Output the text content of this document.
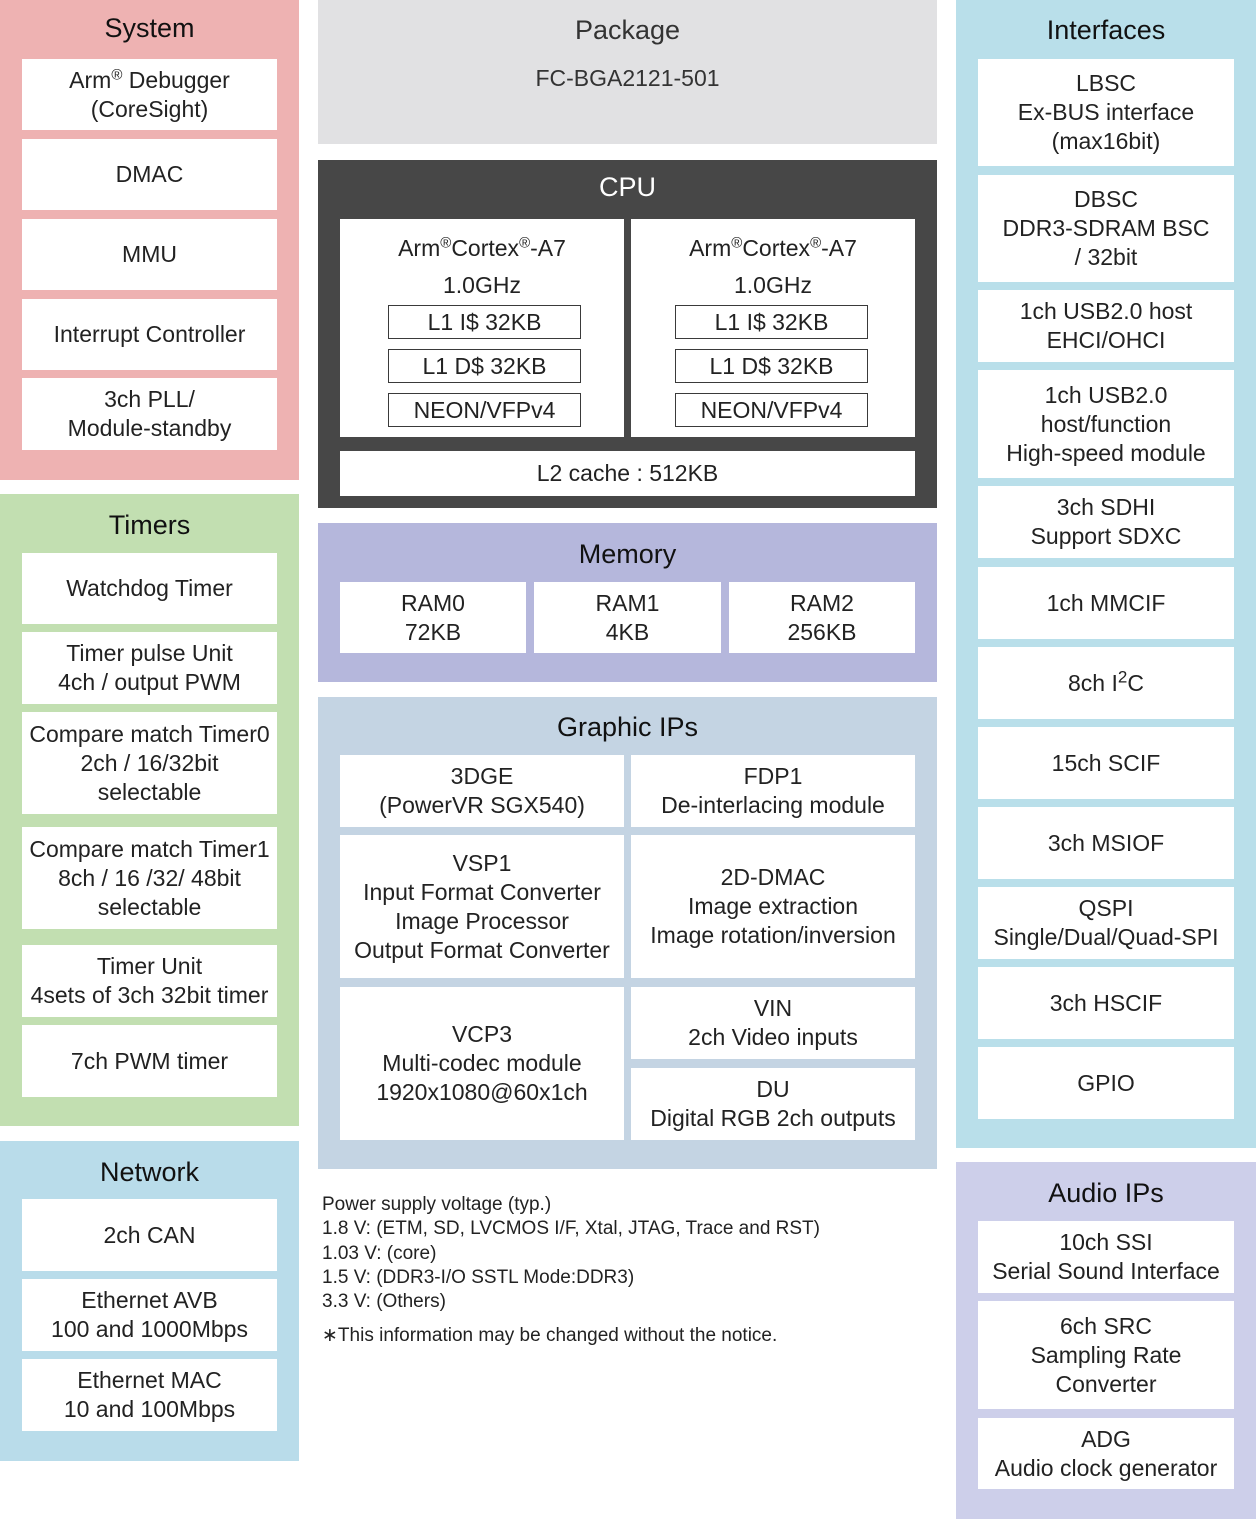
System
Arm® Debugger
(CoreSight)
DMAC
MMU
Interrupt Controller
3ch PLL/
Module-standby
Timers
Watchdog Timer
Timer pulse Unit
4ch / output PWM
Compare match Timer0
2ch / 16/32bit
selectable
Compare match Timer1
8ch / 16 /32/ 48bit
selectable
Timer Unit
4sets of 3ch 32bit timer
7ch PWM timer
Network
2ch CAN
Ethernet AVB
100 and 1000Mbps
Ethernet MAC
10 and 100Mbps
Package
FC-BGA2121-501
CPU
Arm®Cortex®-A7
1.0GHz
L1 I$ 32KB
L1 D$ 32KB
NEON/VFPv4
Arm®Cortex®-A7
1.0GHz
L1 I$ 32KB
L1 D$ 32KB
NEON/VFPv4
L2 cache : 512KB
Memory
RAM0
72KB
RAM1
4KB
RAM2
256KB
Graphic IPs
3DGE
(PowerVR SGX540)
FDP1
De-interlacing module
VSP1
Input Format Converter
Image Processor
Output Format Converter
2D-DMAC
Image extraction
Image rotation/inversion
VCP3
Multi-codec module
1920x1080@60x1ch
VIN
2ch Video inputs
DU
Digital RGB 2ch outputs
Power supply voltage (typ.)
1.8 V: (ETM, SD, LVCMOS I/F, Xtal, JTAG, Trace and RST)
1.03 V: (core)
1.5 V: (DDR3-I/O SSTL Mode:DDR3)
3.3 V: (Others)
∗This information may be changed without the notice.
Interfaces
LBSC
Ex-BUS interface
(max16bit)
DBSC
DDR3-SDRAM BSC
/ 32bit
1ch USB2.0 host
EHCI/OHCI
1ch USB2.0
host/function
High-speed module
3ch SDHI
Support SDXC
1ch MMCIF
8ch $I^2C$
15ch SCIF
3ch MSIOF
QSPI
Single/Dual/Quad-SPI
3ch HSCIF
GPIO
Audio IPs
10ch SSI
Serial Sound Interface
6ch SRC
Sampling Rate
Converter
ADG
Audio clock generator
